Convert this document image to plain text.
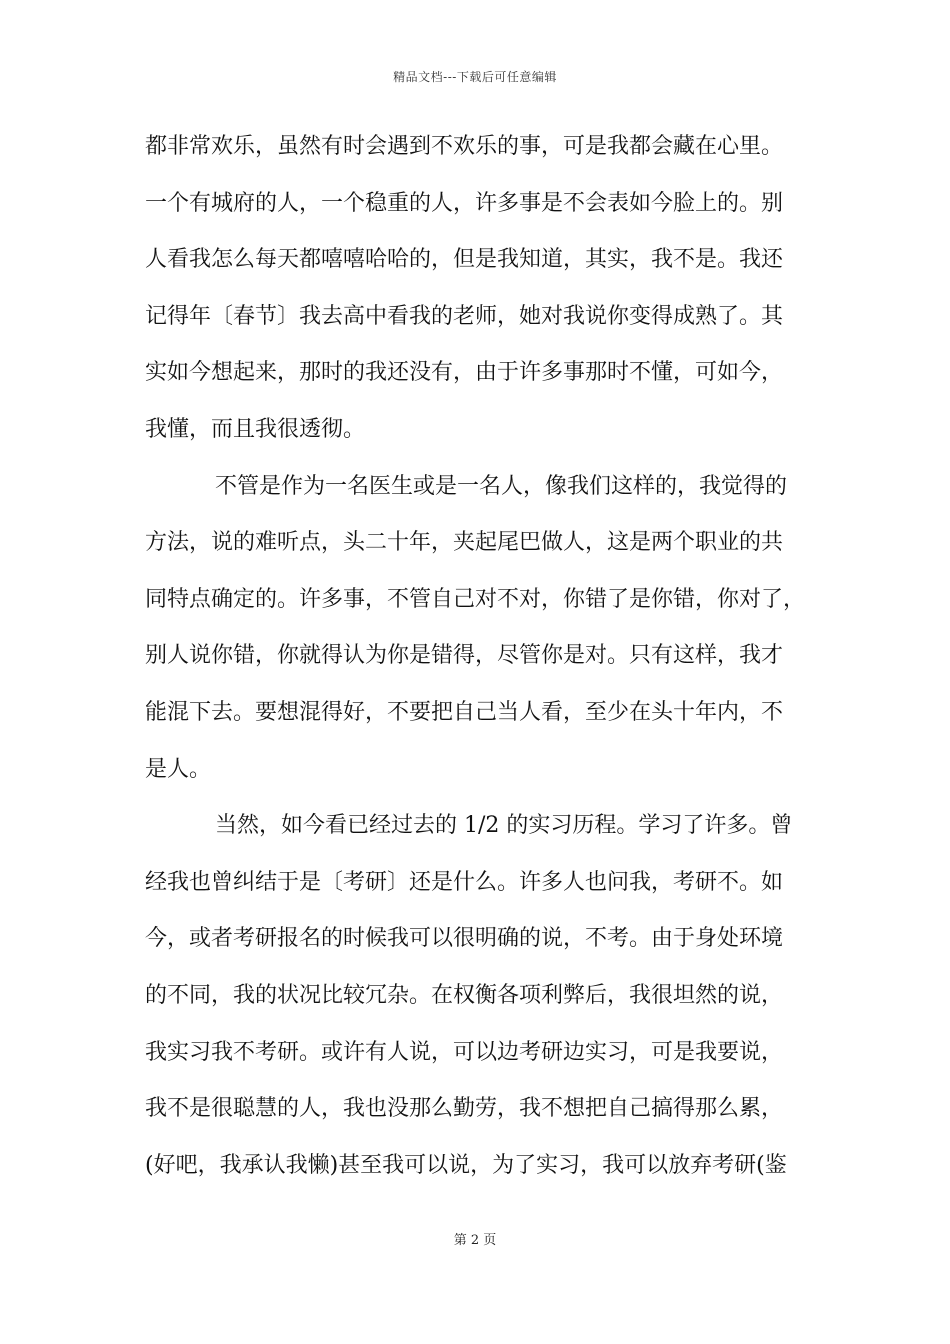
精品文档---下载后可任意编辑
都非常欢乐，虽然有时会遇到不欢乐的事，可是我都会藏在心里。
一个有城府的人，一个稳重的人，许多事是不会表如今脸上的。别
人看我怎么每天都嘻嘻哈哈的，但是我知道，其实，我不是。我还
记得年〔春节〕我去高中看我的老师，她对我说你变得成熟了。其
实如今想起来，那时的我还没有，由于许多事那时不懂，可如今，
我懂，而且我很透彻。
不管是作为一名医生或是一名人，像我们这样的，我觉得的
方法，说的难听点，头二十年，夹起尾巴做人，这是两个职业的共
同特点确定的。许多事，不管自己对不对，你错了是你错，你对了，
别人说你错，你就得认为你是错得，尽管你是对。只有这样，我才
能混下去。要想混得好，不要把自己当人看，至少在头十年内，不
是人。
当然，如今看已经过去的 1/2 的实习历程。学习了许多。曾
经我也曾纠结于是〔考研〕还是什么。许多人也问我，考研不。如
今，或者考研报名的时候我可以很明确的说，不考。由于身处环境
的不同，我的状况比较冗杂。在权衡各项利弊后，我很坦然的说，
我实习我不考研。或许有人说，可以边考研边实习，可是我要说，
我不是很聪慧的人，我也没那么勤劳，我不想把自己搞得那么累，
(好吧，我承认我懒)甚至我可以说，为了实习，我可以放弃考研(鉴
第 2 页
